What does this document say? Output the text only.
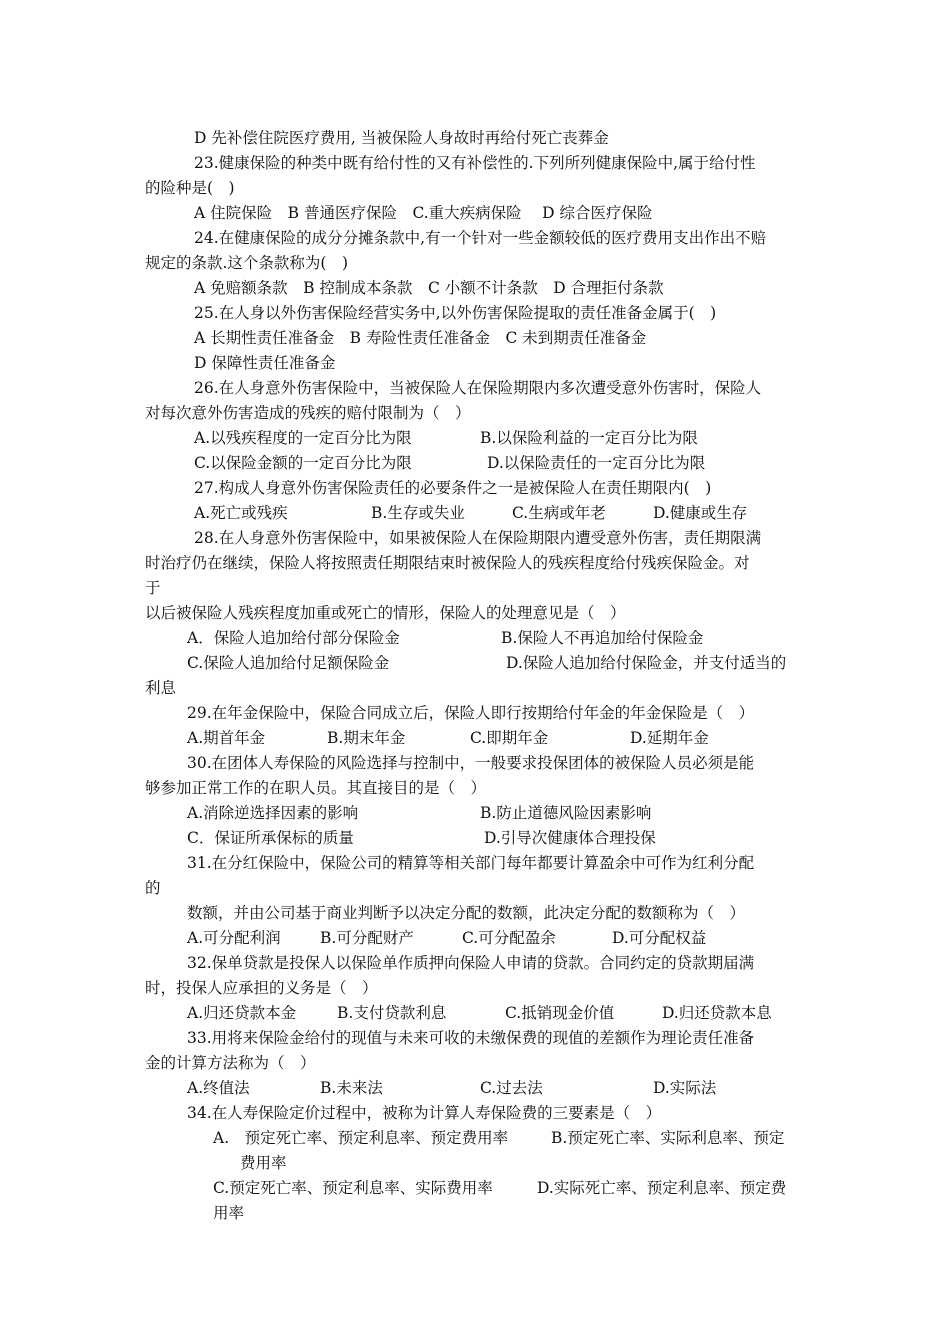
D 先补偿住院医疗费用, 当被保险人身故时再给付死亡丧葬金
23.健康保险的种类中既有给付性的又有补偿性的.下列所列健康保险中,属于给付性
的险种是(　)
A 住院保险　B 普通医疗保险　C.重大疾病保险　 D 综合医疗保险
24.在健康保险的成分分摊条款中,有一个针对一些金额较低的医疗费用支出作出不赔
规定的条款.这个条款称为(　)
A 免赔额条款　B 控制成本条款　C 小额不计条款　D 合理拒付条款
25.在人身以外伤害保险经营实务中,以外伤害保险提取的责任准备金属于(　)
A 长期性责任准备金　B 寿险性责任准备金　C 未到期责任准备金
D 保障性责任准备金
26.在人身意外伤害保险中，当被保险人在保险期限内多次遭受意外伤害时，保险人
对每次意外伤害造成的残疾的赔付限制为（　）
A.以残疾程度的一定百分比为限	B.以保险利益的一定百分比为限
C.以保险金额的一定百分比为限	D.以保险责任的一定百分比为限
27.构成人身意外伤害保险责任的必要条件之一是被保险人在责任期限内(　)
A.死亡或残疾	B.生存或失业	C.生病或年老	D.健康或生存
28.在人身意外伤害保险中，如果被保险人在保险期限内遭受意外伤害，责任期限满
时治疗仍在继续，保险人将按照责任期限结束时被保险人的残疾程度给付残疾保险金。对
于
以后被保险人残疾程度加重或死亡的情形，保险人的处理意见是（　）
A．保险人追加给付部分保险金	B.保险人不再追加给付保险金
C.保险人追加给付足额保险金	D.保险人追加给付保险金，并支付适当的
利息
29.在年金保险中，保险合同成立后，保险人即行按期给付年金的年金保险是（　）
A.期首年金	B.期末年金	C.即期年金	D.延期年金
30.在团体人寿保险的风险选择与控制中，一般要求投保团体的被保险人员必须是能
够参加正常工作的在职人员。其直接目的是（　）
A.消除逆选择因素的影响	B.防止道德风险因素影响
C．保证所承保标的质量	D.引导次健康体合理投保
31.在分红保险中，保险公司的精算等相关部门每年都要计算盈余中可作为红利分配
的
数额，并由公司基于商业判断予以决定分配的数额，此决定分配的数额称为（　）
A.可分配利润	B.可分配财产	C.可分配盈余	D.可分配权益
32.保单贷款是投保人以保险单作质押向保险人申请的贷款。合同约定的贷款期届满
时，投保人应承担的义务是（　）
A.归还贷款本金	B.支付贷款利息	C.抵销现金价值	D.归还贷款本息
33.用将来保险金给付的现值与未来可收的未缴保费的现值的差额作为理论责任准备
金的计算方法称为（　）
A.终值法	B.未来法	C.过去法	D.实际法
34.在人寿保险定价过程中，被称为计算人寿保险费的三要素是（　）
A.　预定死亡率、预定利息率、预定费用率	B.预定死亡率、实际利息率、预定
费用率
C.预定死亡率、预定利息率、实际费用率	D.实际死亡率、预定利息率、预定费
用率
